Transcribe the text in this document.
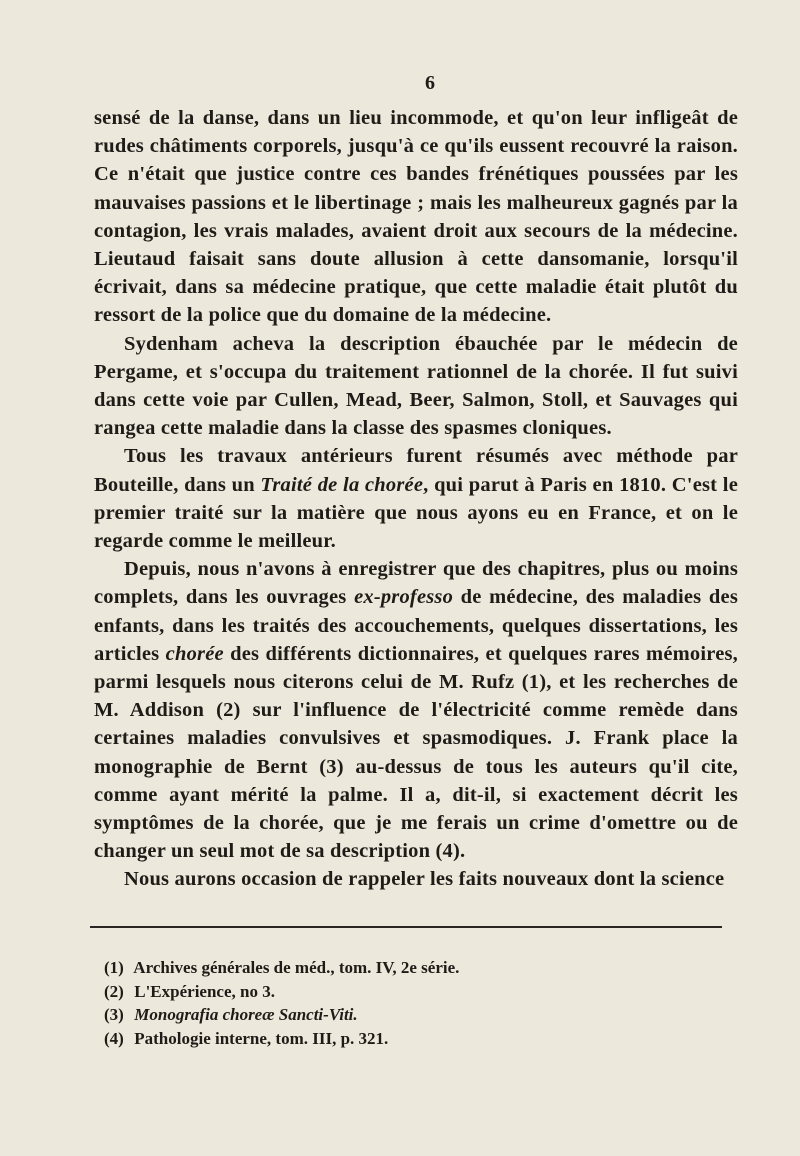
6

sensé de la danse, dans un lieu incommode, et qu'on leur infligeât de rudes châtiments corporels, jusqu'à ce qu'ils eussent recouvré la raison. Ce n'était que justice contre ces bandes frénétiques poussées par les mauvaises passions et le libertinage ; mais les malheureux gagnés par la contagion, les vrais malades, avaient droit aux secours de la médecine. Lieutaud faisait sans doute allusion à cette dansomanie, lorsqu'il écrivait, dans sa médecine pratique, que cette maladie était plutôt du ressort de la police que du domaine de la médecine.

Sydenham acheva la description ébauchée par le médecin de Pergame, et s'occupa du traitement rationnel de la chorée. Il fut suivi dans cette voie par Cullen, Mead, Beer, Salmon, Stoll, et Sauvages qui rangea cette maladie dans la classe des spasmes cloniques.

Tous les travaux antérieurs furent résumés avec méthode par Bouteille, dans un Traité de la chorée, qui parut à Paris en 1810. C'est le premier traité sur la matière que nous ayons eu en France, et on le regarde comme le meilleur.

Depuis, nous n'avons à enregistrer que des chapitres, plus ou moins complets, dans les ouvrages ex-professo de médecine, des maladies des enfants, dans les traités des accouchements, quelques dissertations, les articles chorée des différents dictionnaires, et quelques rares mémoires, parmi lesquels nous citerons celui de M. Rufz (1), et les recherches de M. Addison (2) sur l'influence de l'électricité comme remède dans certaines maladies convulsives et spasmodiques. J. Frank place la monographie de Bernt (3) au-dessus de tous les auteurs qu'il cite, comme ayant mérité la palme. Il a, dit-il, si exactement décrit les symptômes de la chorée, que je me ferais un crime d'omettre ou de changer un seul mot de sa description (4).

Nous aurons occasion de rappeler les faits nouveaux dont la science

(1) Archives générales de méd., tom. IV, 2e série.
(2) L'Expérience, no 3.
(3) Monografia choreæ Sancti-Viti.
(4) Pathologie interne, tom. III, p. 321.
